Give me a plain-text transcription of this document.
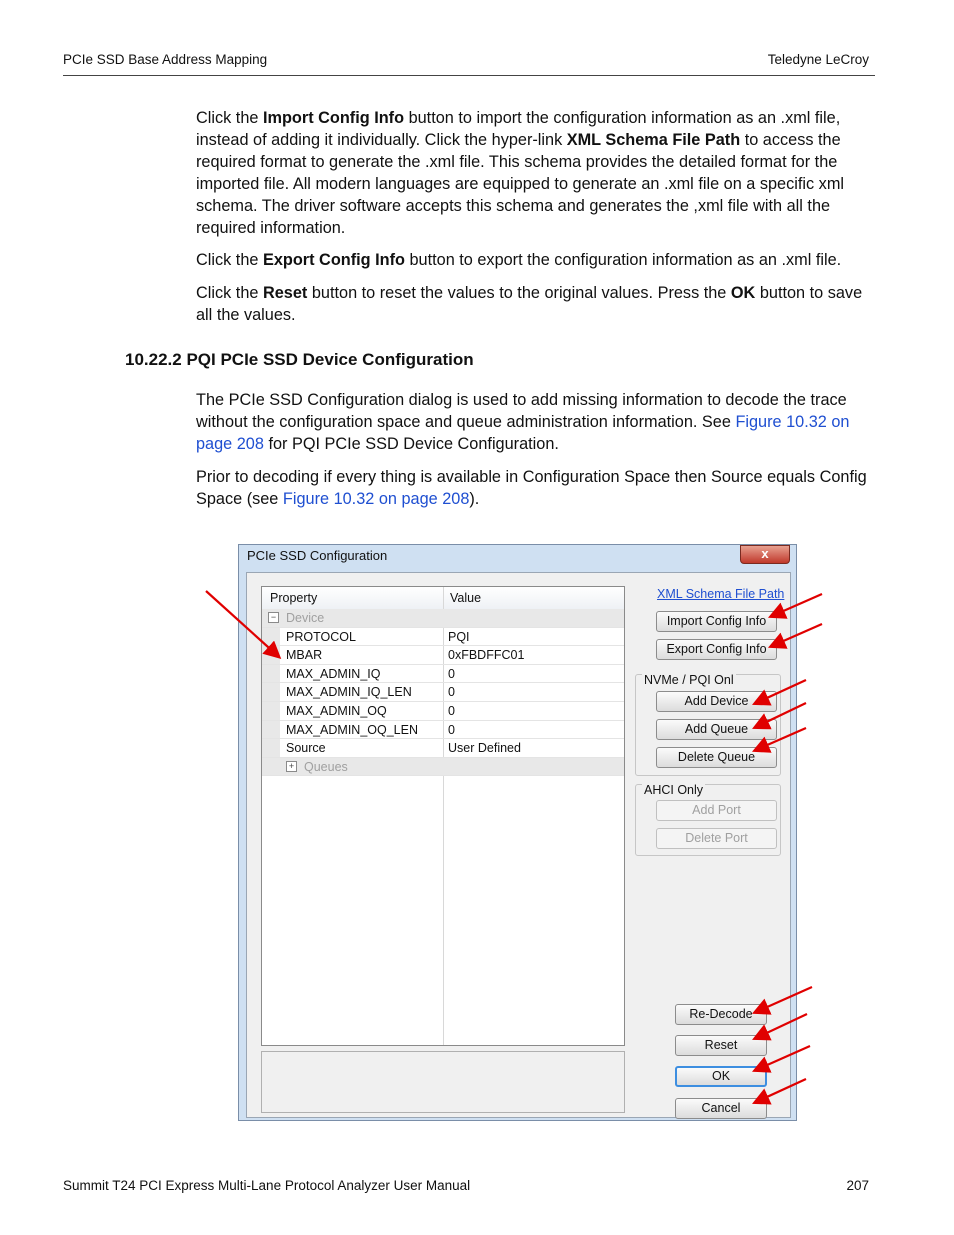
PCIe SSD Base Address Mapping	Teledyne LeCroy
Click the Import Config Info button to import the configuration information as an .xml file, instead of adding it individually. Click the hyper-link XML Schema File Path to access the required format to generate the .xml file. This schema provides the detailed format for the imported file. All modern languages are equipped to generate an .xml file on a specific xml schema. The driver software accepts this schema and generates the ,xml file with all the required information.
Click the Export Config Info button to export the configuration information as an .xml file.
Click the Reset button to reset the values to the original values. Press the OK button to save all the values.
10.22.2 PQI PCIe SSD Device Configuration
The PCIe SSD Configuration dialog is used to add missing information to decode the trace without the configuration space and queue administration information. See Figure 10.32 on page 208 for PQI PCIe SSD Device Configuration.
Prior to decoding if every thing is available in Configuration Space then Source equals Config Space (see Figure 10.32 on page 208).
PCIe SSD Configuration	x
Property	Value
− Device
PROTOCOL	PQI
MBAR	0xFBDFFC01
MAX_ADMIN_IQ	0
MAX_ADMIN_IQ_LEN	0
MAX_ADMIN_OQ	0
MAX_ADMIN_OQ_LEN 0
Source	User Defined
+ Queues
XML Schema File Path
Import Config Info
Export Config Info
NVMe / PQI Onl
Add Device
Add Queue
Delete Queue
AHCI Only
Add Port
Delete Port
Re-Decode
Reset
OK
Cancel
Summit T24 PCI Express Multi-Lane Protocol Analyzer User Manual	207
